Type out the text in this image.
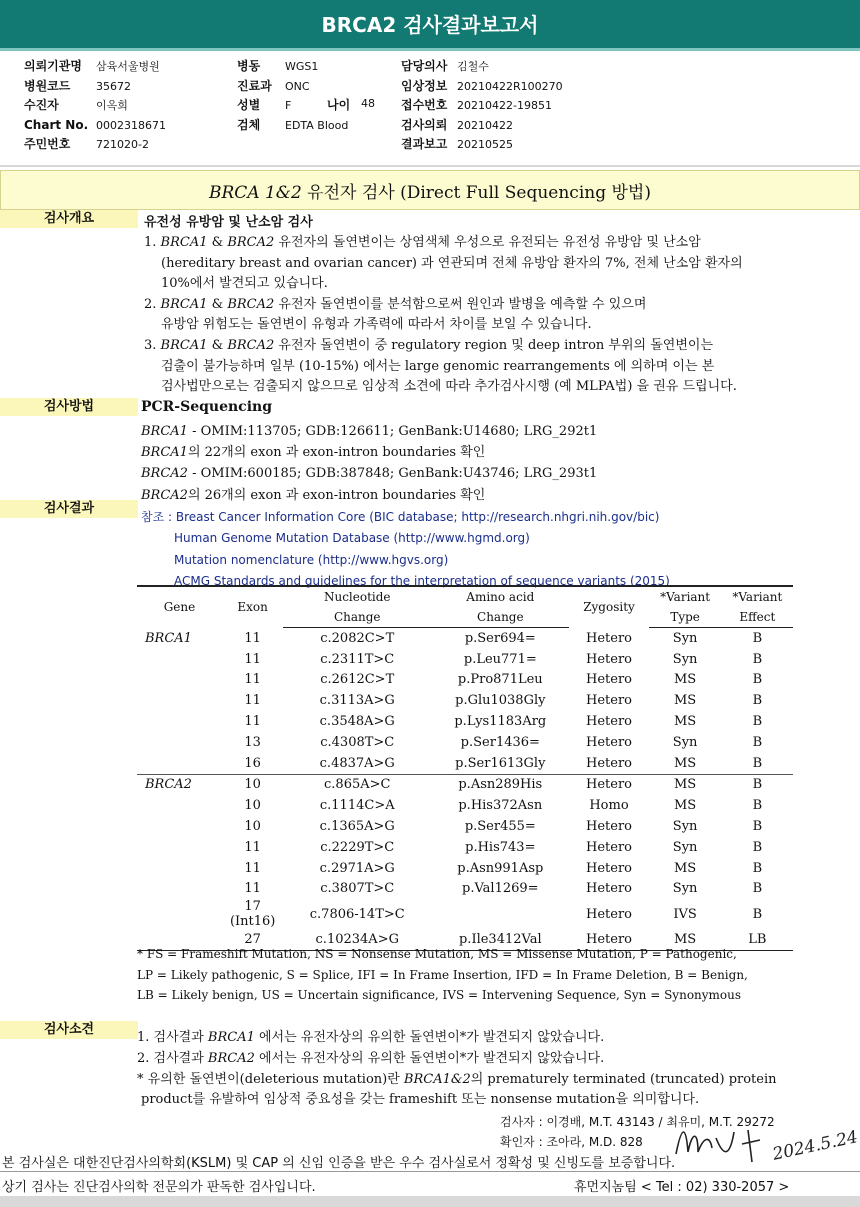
BRCA2 검사결과보고서
의뢰기관명 삼육서울병원
병원코드 35672
수진자	이옥희
Chart No. 0002318671
주민번호 721020-2
병동 WGS1
진료과 ONC
성별 F
검체 EDTA Blood
담당의사 김철수
임상정보 20210422R100270
접수번호 20210422-19851
검사의뢰 20210422
결과보고 20210525
나이 48
BRCA 1&2 유전자 검사 (Direct Full Sequencing 방법)
검사개요	유전성 유방암 및 난소암 검사
1. BRCA1 & BRCA2 유전자의 돌연변이는 상염색체 우성으로 유전되는 유전성 유방암 및 난소암
(hereditary breast and ovarian cancer) 과 연관되며 전체 유방암 환자의 7%, 전체 난소암 환자의
10%에서 발견되고 있습니다.
2. BRCA1 & BRCA2 유전자 돌연변이를 분석함으로써 원인과 발병을 예측할 수 있으며
유방암 위험도는 돌연변이 유형과 가족력에 따라서 차이를 보일 수 있습니다.
3. BRCA1 & BRCA2 유전자 돌연변이 중 regulatory region 및 deep intron 부위의 돌연변이는
검출이 불가능하며 일부 (10-15%) 에서는 large genomic rearrangements 에 의하며 이는 본
검사법만으로는 검출되지 않으므로 임상적 소견에 따라 추가검사시행 (예 MLPA법) 을 권유 드립니다.
검사방법	PCR-Sequencing
BRCA1 - OMIM:113705; GDB:126611; GenBank:U14680; LRG_292t1
BRCA1의 22개의 exon 과 exon-intron boundaries 확인
BRCA2 - OMIM:600185; GDB:387848; GenBank:U43746; LRG_293t1
BRCA2의 26개의 exon 과 exon-intron boundaries 확인
검사결과
참조 : Breast Cancer Information Core (BIC database; http://research.nhgri.nih.gov/bic)
Human Genome Mutation Database (http://www.hgmd.org)
Mutation nomenclature (http://www.hgvs.org)
ACMG Standards and guidelines for the interpretation of sequence variants (2015)
Gene	Exon	Nucleotide	Amino acid	Zygosity	*Variant	*Variant
		Change	Change		Type	Effect
BRCA1	11	c.2082C>T	p.Ser694=	Hetero	Syn	B
	11	c.2311T>C	p.Leu771=	Hetero	Syn	B
	11	c.2612C>T	p.Pro871Leu	Hetero	MS	B
	11	c.3113A>G	p.Glu1038Gly	Hetero	MS	B
	11	c.3548A>G	p.Lys1183Arg	Hetero	MS	B
	13	c.4308T>C	p.Ser1436=	Hetero	Syn	B
	16	c.4837A>G	p.Ser1613Gly	Hetero	MS	B
BRCA2	10	c.865A>C	p.Asn289His	Hetero	MS	B
	10	c.1114C>A	p.His372Asn	Homo	MS	B
	10	c.1365A>G	p.Ser455=	Hetero	Syn	B
	11	c.2229T>C	p.His743=	Hetero	Syn	B
	11	c.2971A>G	p.Asn991Asp	Hetero	MS	B
	11	c.3807T>C	p.Val1269=	Hetero	Syn	B
	17 (Int16)	c.7806-14T>C		Hetero	IVS	B
	27	c.10234A>G	p.Ile3412Val	Hetero	MS	LB
* FS = Frameshift Mutation, NS = Nonsense Mutation, MS = Missense Mutation, P = Pathogenic,
LP = Likely pathogenic, S = Splice, IFI = In Frame Insertion, IFD = In Frame Deletion, B = Benign,
LB = Likely benign, US = Uncertain significance, IVS = Intervening Sequence, Syn = Synonymous
검사소견
1. 검사결과 BRCA1 에서는 유전자상의 유의한 돌연변이*가 발견되지 않았습니다.
2. 검사결과 BRCA2 에서는 유전자상의 유의한 돌연변이*가 발견되지 않았습니다.
* 유의한 돌연변이(deleterious mutation)란 BRCA1&2의 prematurely terminated (truncated) protein
product를 유발하여 임상적 중요성을 갖는 frameshift 또는 nonsense mutation을 의미합니다.
검사자 : 이경배, M.T. 43143 / 최유미, M.T. 29272
확인자 : 조아라, M.D. 828	2024.5.24
본 검사실은 대한진단검사의학회(KSLM) 및 CAP 의 신임 인증을 받은 우수 검사실로서 정확성 및 신빙도를 보증합니다.
상기 검사는 진단검사의학 전문의가 판독한 검사입니다.	휴먼지놈팀 < Tel : 02) 330-2057 >
